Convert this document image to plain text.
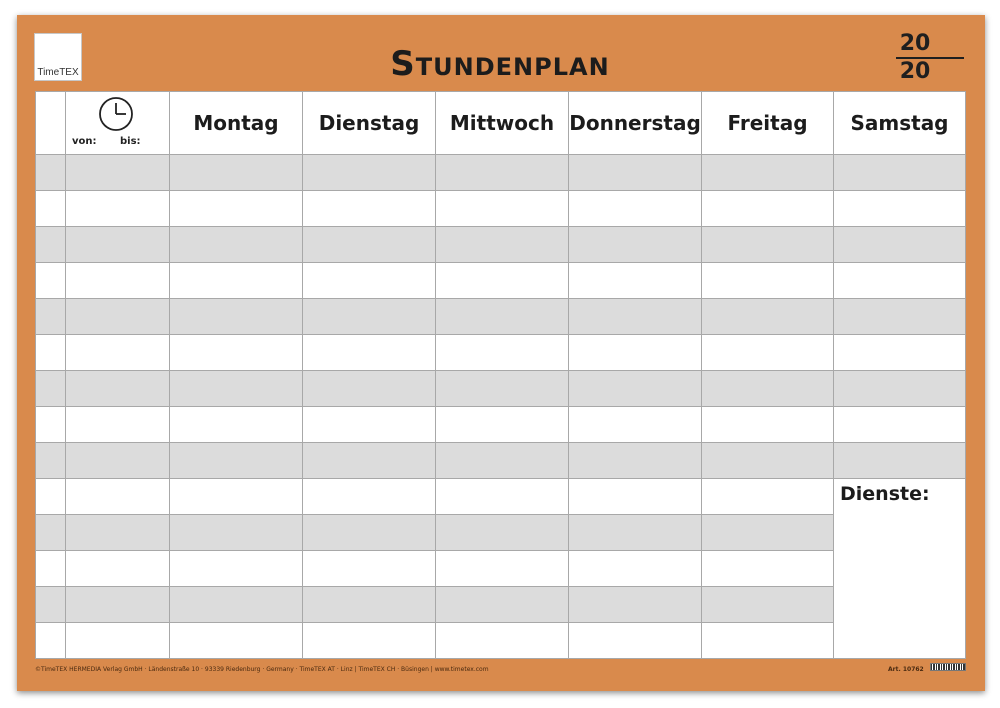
TimeTEX	Stundenplan
20
20

	von: bis:	Montag	Dienstag	Mittwoch	Donnerstag	Freitag	Samstag

							Dienste:

©TimeTEX HERMEDIA Verlag GmbH · Ländenstraße 10 · 93339 Riedenburg · Germany · TimeTEX AT · Linz | TimeTEX CH · Büsingen | www.timetex.com	Art. 10762
